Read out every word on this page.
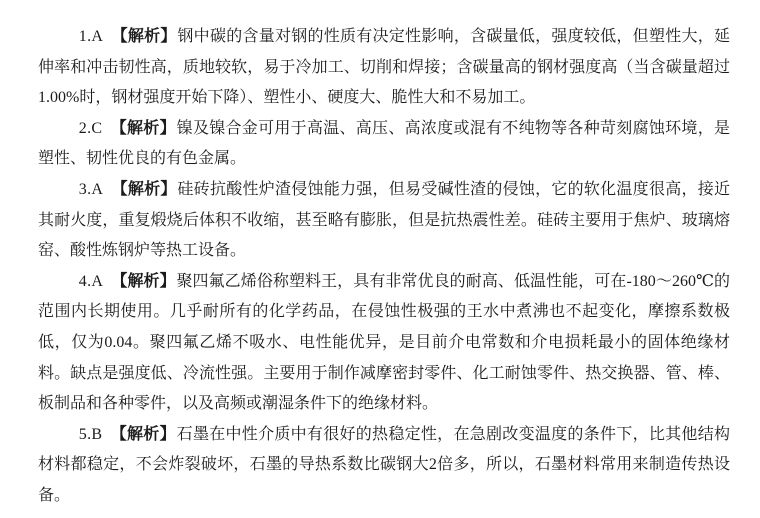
1.A 【解析】钢中碳的含量对钢的性质有决定性影响，含碳量低，强度较低，但塑性大，延伸率和冲击韧性高，质地较软，易于冷加工、切削和焊接；含碳量高的钢材强度高（当含碳量超过1.00%时，钢材强度开始下降）、塑性小、硬度大、脆性大和不易加工。

2.C 【解析】镍及镍合金可用于高温、高压、高浓度或混有不纯物等各种苛刻腐蚀环境，是塑性、韧性优良的有色金属。

3.A 【解析】硅砖抗酸性炉渣侵蚀能力强，但易受碱性渣的侵蚀，它的软化温度很高，接近其耐火度，重复煅烧后体积不收缩，甚至略有膨胀，但是抗热震性差。硅砖主要用于焦炉、玻璃熔窑、酸性炼钢炉等热工设备。

4.A 【解析】聚四氟乙烯俗称塑料王，具有非常优良的耐高、低温性能，可在-180～260℃的范围内长期使用。几乎耐所有的化学药品，在侵蚀性极强的王水中煮沸也不起变化，摩擦系数极低，仅为0.04。聚四氟乙烯不吸水、电性能优异，是目前介电常数和介电损耗最小的固体绝缘材料。缺点是强度低、冷流性强。主要用于制作减摩密封零件、化工耐蚀零件、热交换器、管、棒、板制品和各种零件，以及高频或潮湿条件下的绝缘材料。

5.B 【解析】石墨在中性介质中有很好的热稳定性，在急剧改变温度的条件下，比其他结构材料都稳定，不会炸裂破坏，石墨的导热系数比碳钢大2倍多，所以，石墨材料常用来制造传热设备。
